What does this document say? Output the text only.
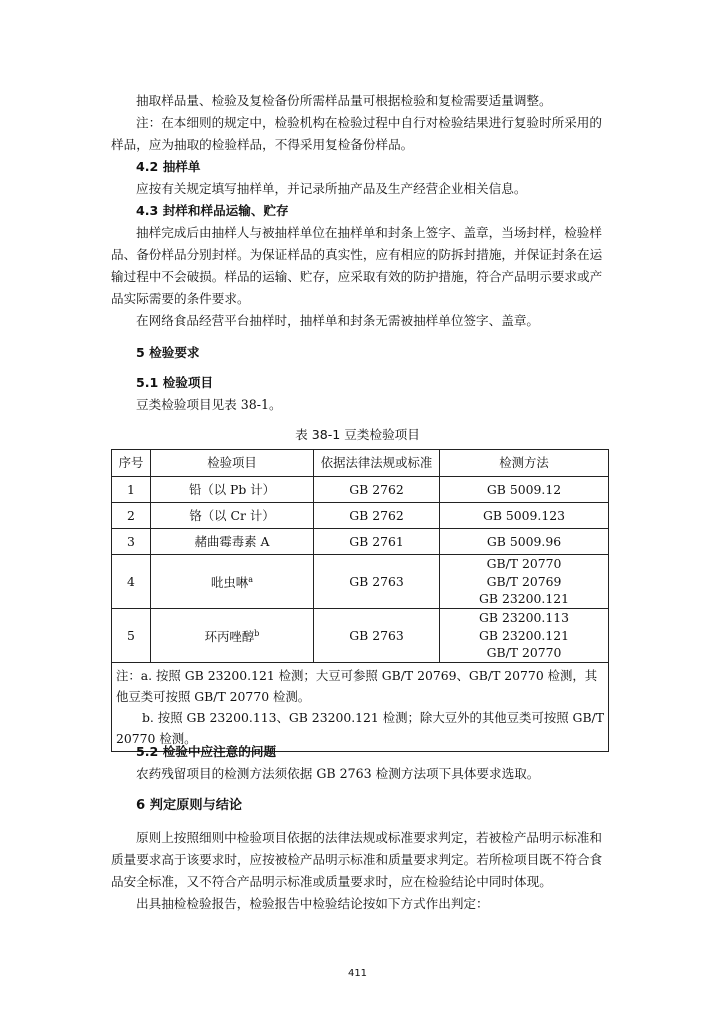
抽取样品量、检验及复检备份所需样品量可根据检验和复检需要适量调整。

注：在本细则的规定中，检验机构在检验过程中自行对检验结果进行复验时所采用的样品，应为抽取的检验样品，不得采用复检备份样品。

4.2 抽样单

应按有关规定填写抽样单，并记录所抽产品及生产经营企业相关信息。

4.3 封样和样品运输、贮存

抽样完成后由抽样人与被抽样单位在抽样单和封条上签字、盖章，当场封样，检验样品、备份样品分别封样。为保证样品的真实性，应有相应的防拆封措施，并保证封条在运输过程中不会破损。样品的运输、贮存，应采取有效的防护措施，符合产品明示要求或产品实际需要的条件要求。

在网络食品经营平台抽样时，抽样单和封条无需被抽样单位签字、盖章。

5 检验要求

5.1 检验项目

豆类检验项目见表 38-1。

表 38-1 豆类检验项目
序号	检验项目	依据法律法规或标准	检测方法
1	铅（以 Pb 计）	GB 2762	GB 5009.12

2	铬（以 Cr 计）	GB 2762	GB 5009.123

3	赭曲霉毒素 A	GB 2761	GB 5009.96

4	吡虫啉$^a$	GB 2763	GB/T 20770
GB/T 20769
GB 23200.121

5	环丙唑醇$^b$	GB 2763	GB 23200.113
GB 23200.121
GB/T 20770

注：a. 按照 GB 23200.121 检测；大豆可参照 GB/T 20769、GB/T 20770 检测，其他豆类可按照 GB/T 20770 检测。
b. 按照 GB 23200.113、GB 23200.121 检测；除大豆外的其他豆类可按照 GB/T 20770 检测。			

5.2 检验中应注意的问题

农药残留项目的检测方法须依据 GB 2763 检测方法项下具体要求选取。

6 判定原则与结论

原则上按照细则中检验项目依据的法律法规或标准要求判定，若被检产品明示标准和质量要求高于该要求时，应按被检产品明示标准和质量要求判定。若所检项目既不符合食品安全标准，又不符合产品明示标准或质量要求时，应在检验结论中同时体现。

出具抽检检验报告，检验报告中检验结论按如下方式作出判定：

411
